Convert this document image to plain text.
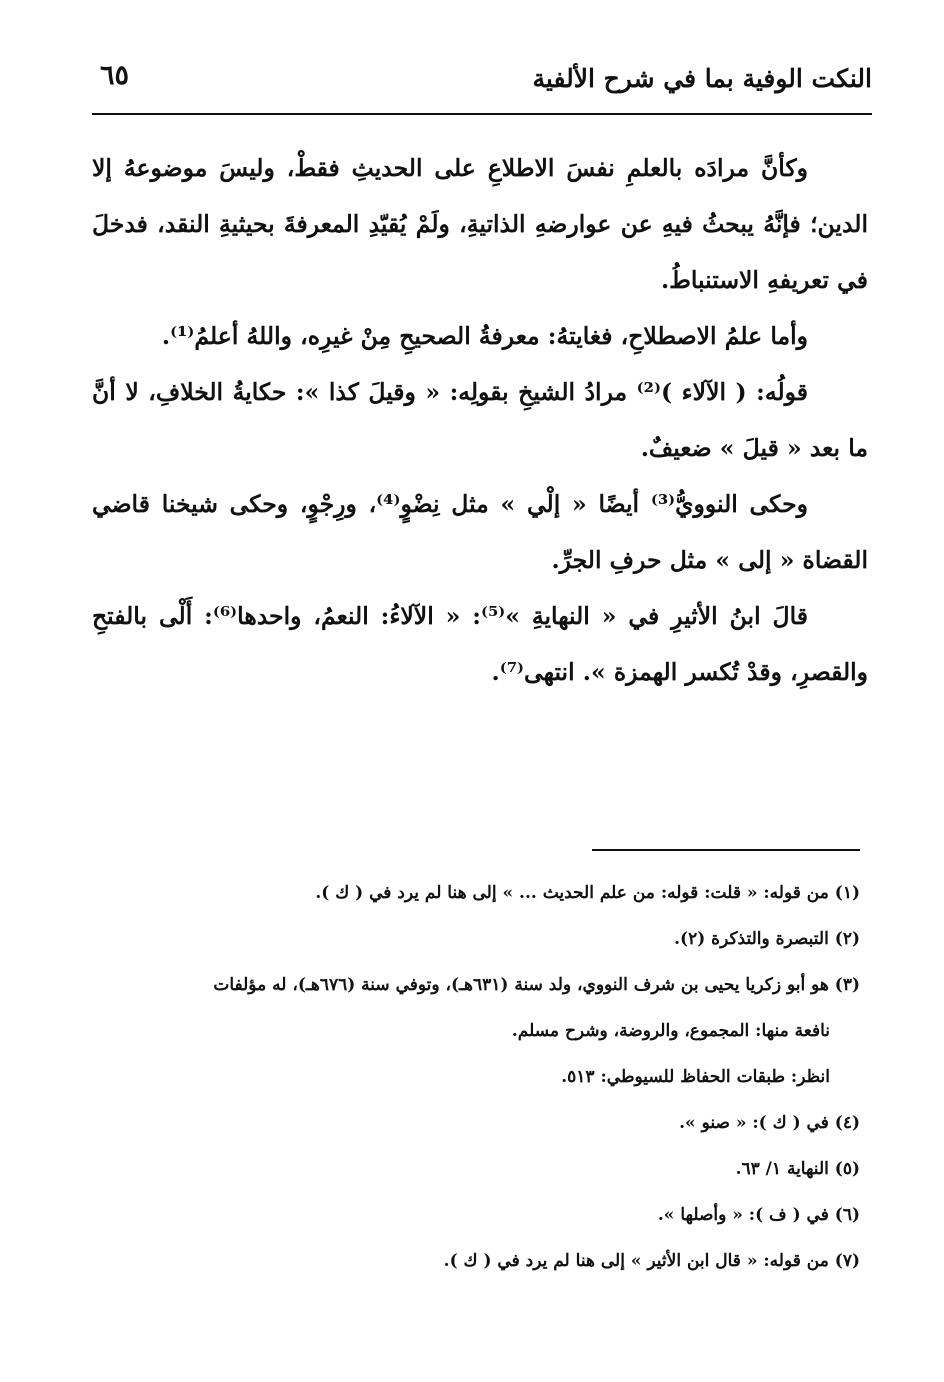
النكت الوفية بما في شرح الألفية
٦٥

وكأنَّ مرادَه بالعلمِ نفسَ الاطلاعِ على الحديثِ فقطْ، وليسَ موضوعهُ إلا الدين؛ فإنَّهُ يبحثُ فيهِ عن عوارضهِ الذاتيةِ، ولَمْ يُقيّدِ المعرفةَ بحيثيةِ النقد، فدخلَ في تعريفهِ الاستنباطُ.

وأما علمُ الاصطلاحِ، فغايتهُ: معرفةُ الصحيحِ مِنْ غيرِه، واللهُ أعلمُ⁽¹⁾.

قولُه: ( الآلاء )⁽²⁾ مرادُ الشيخِ بقولِه: « وقيلَ كذا »: حكايةُ الخلافِ، لا أنَّ ما بعد « قيلَ » ضعيفٌ.

وحكى النوويُّ⁽³⁾ أيضًا « إلْي » مثل نِضْوٍ⁽⁴⁾، ورِجْوٍ، وحكى شيخنا قاضي القضاة « إلى » مثل حرفِ الجرِّ.

قالَ ابنُ الأثيرِ في « النهايةِ »⁽⁵⁾: « الآلاءُ: النعمُ، واحدها⁽⁶⁾: أَلْى بالفتحِ والقصرِ، وقدْ تُكسر الهمزة ». انتهى⁽⁷⁾.

(١) من قوله: « قلت: قوله: من علم الحديث ... » إلى هنا لم يرد في ( ك ).
(٢) التبصرة والتذكرة (٢).
(٣) هو أبو زكريا يحيى بن شرف النووي، ولد سنة (٦٣١هـ)، وتوفي سنة (٦٧٦هـ)، له مؤلفات
نافعة منها: المجموع، والروضة، وشرح مسلم.
انظر: طبقات الحفاظ للسيوطي: ٥١٣.
(٤) في ( ك ): « صنو ».
(٥) النهاية ١/ ٦٣.
(٦) في ( ف ): « وأصلها ».
(٧) من قوله: « قال ابن الأثير » إلى هنا لم يرد في ( ك ).
